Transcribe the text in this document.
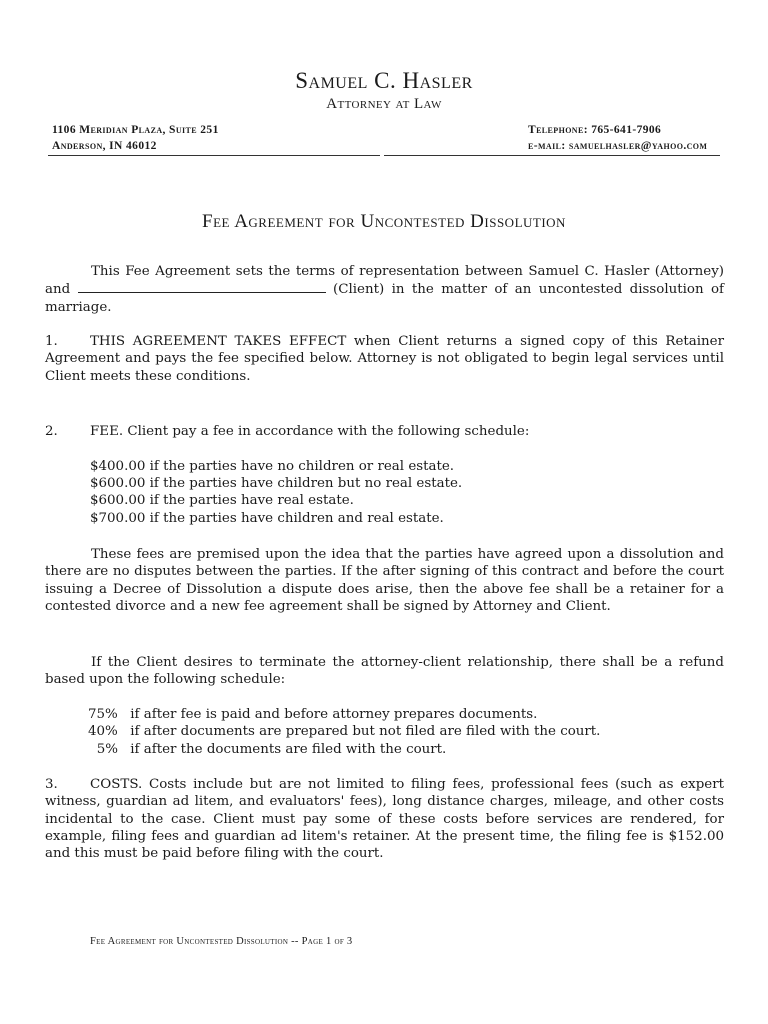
Samuel C. Hasler
Attorney at Law
1106 Meridian Plaza, Suite 251
Anderson, IN 46012
Telephone: 765-641-7906
e-mail: samuelhasler@yahoo.com
Fee Agreement for Uncontested Dissolution
This Fee Agreement sets the terms of representation between Samuel C. Hasler (Attorney) and	(Client) in the matter of an uncontested dissolution of marriage.
1. THIS AGREEMENT TAKES EFFECT when Client returns a signed copy of this Retainer Agreement and pays the fee specified below. Attorney is not obligated to begin legal services until Client meets these conditions.
2. FEE. Client pay a fee in accordance with the following schedule:
$400.00 if the parties have no children or real estate.
$600.00 if the parties have children but no real estate.
$600.00 if the parties have real estate.
$700.00 if the parties have children and real estate.
These fees are premised upon the idea that the parties have agreed upon a dissolution and there are no disputes between the parties. If the after signing of this contract and before the court issuing a Decree of Dissolution a dispute does arise, then the above fee shall be a retainer for a contested divorce and a new fee agreement shall be signed by Attorney and Client.
If the Client desires to terminate the attorney-client relationship, there shall be a refund based upon the following schedule:
75% if after fee is paid and before attorney prepares documents.
40% if after documents are prepared but not filed are filed with the court.
5% if after the documents are filed with the court.
3. COSTS. Costs include but are not limited to filing fees, professional fees (such as expert witness, guardian ad litem, and evaluators' fees), long distance charges, mileage, and other costs incidental to the case. Client must pay some of these costs before services are rendered, for example, filing fees and guardian ad litem's retainer. At the present time, the filing fee is $152.00 and this must be paid before filing with the court.
Fee Agreement for Uncontested Dissolution -- Page 1 of 3
